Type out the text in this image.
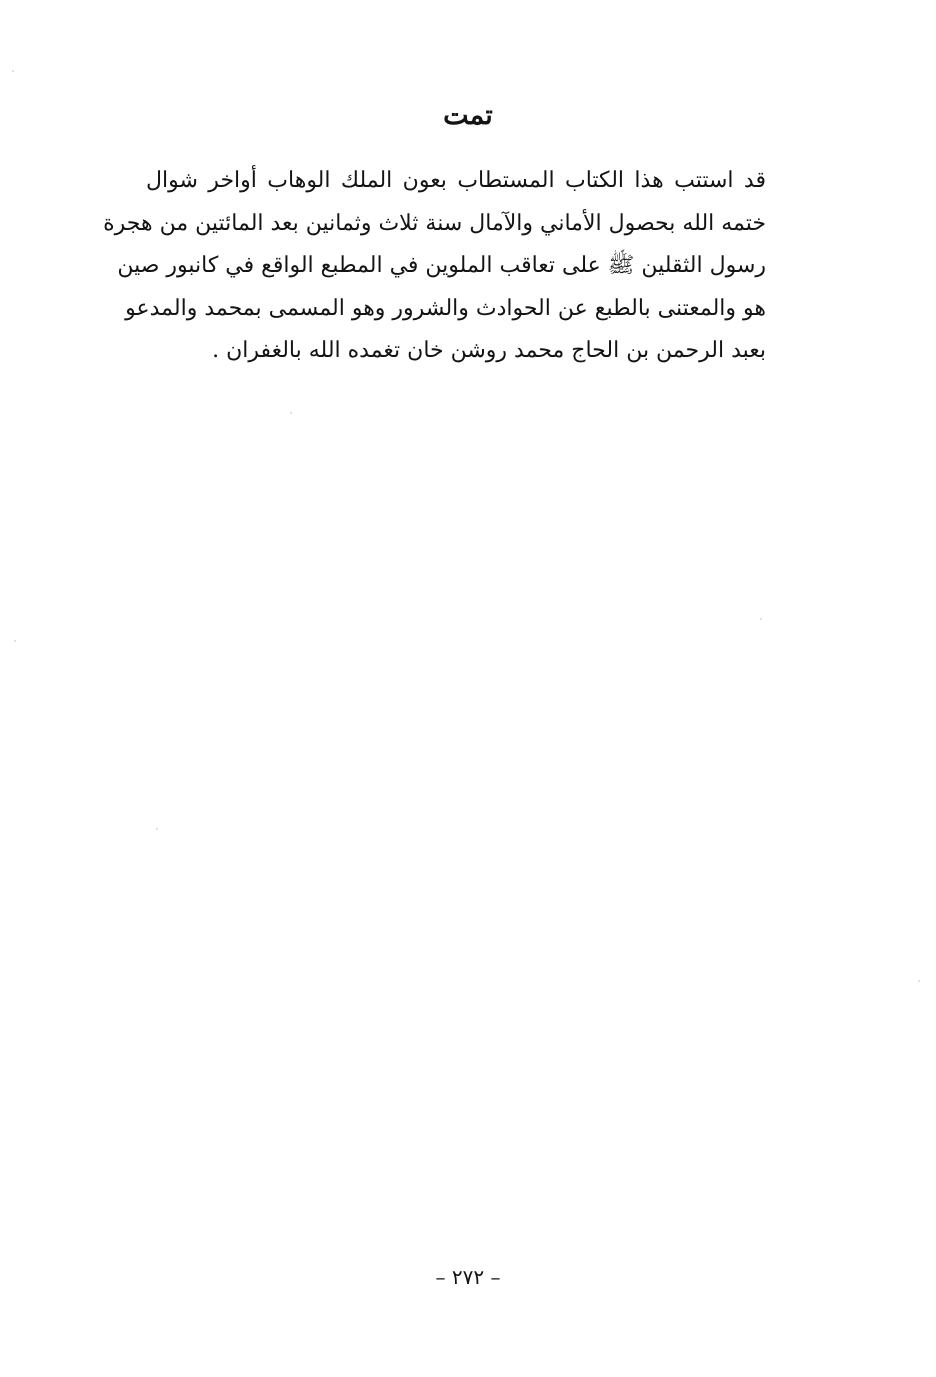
تمت
قد استتب هذا الكتاب المستطاب بعون الملك الوهاب أواخر شوال
ختمه الله بحصول الأماني والآمال سنة ثلاث وثمانين بعد المائتين من هجرة
رسول الثقلين ﷺ على تعاقب الملوين في المطبع الواقع في كانبور صين
هو والمعتنى بالطبع عن الحوادث والشرور وهو المسمى بمحمد والمدعو
بعبد الرحمن بن الحاج محمد روشن خان تغمده الله بالغفران .
– ٢٧٢ –
